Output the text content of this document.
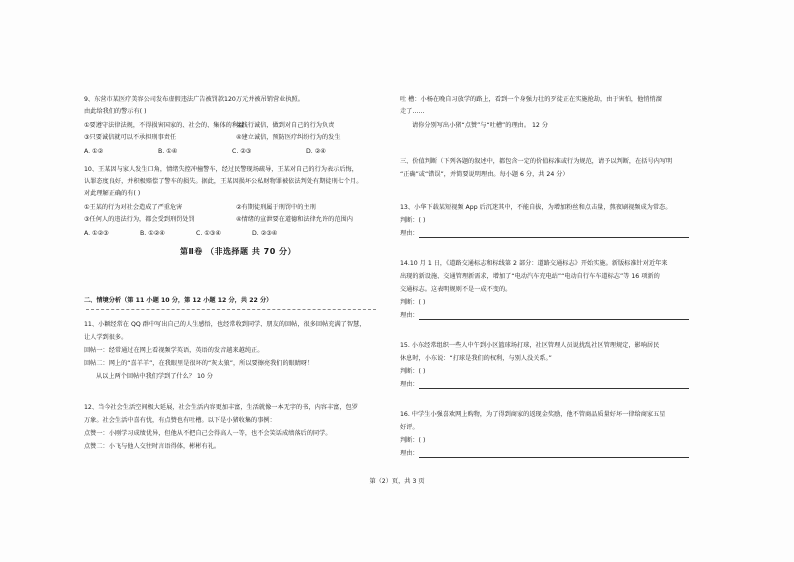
9、东营市某医疗美容公司发布虚假违法广告被罚款120万元并被吊销营业执照。
由此给我们的警示有( )
①要遵守法律法规，不得损害国家的、社会的、集体的利益
②践行诚信，做到对自己的行为负责
③只要诚信就可以不承担刑事责任	④建立诚信，预防医疗纠纷行为的发生
A. ①②	B. ①④	C. ②③	D. ②④
10、王某因与家人发生口角，情绪失控冲撞警车，经过民警现场疏导，王某对自己的行为表示后悔，
认罪态度良好，并积极赔偿了警车的损失。据此，王某因损坏公私财物罪被依法判处有期徒刑七个月。
对此理解正确的有( )
①王某的行为对社会造成了严重危害	②有期徒刑属于刑罚中的主刑
③任何人的违法行为，都会受到刑罚处罚	④情绪的宣泄要在道德和法律允许的范围内
A. ①②③	B. ①②④	C. ①③④	D. ②③④
二、情境分析（第 11 小题 10 分，第 12 小题 12 分，共 22 分）
11、小颖经常在 QQ 群中写出自己的人生感悟，也经常收到同学、朋友的回帖，很多回帖充满了智慧，
让人学到很多。
回帖一：经常通过在网上看视频学英语，英语的发音越来越纯正。
回帖二：网上的“喜羊羊”，在我眼里是很坏的“灰太狼”，所以要擦亮我们的眼睛呀！
从以上两个回帖中我们学到了什么？ 10 分
12、当今社会生活空间极大延展，社会生活内容更加丰富，生活就像一本无字的书，内容丰富，包罗
万象。社会生活中喜有忧，有点赞也有吐槽。以下是小猪收集的事例：
点赞一：小刚学习成绩优异，但他从不把自己会得高人一等，也不会笑话成绩落后的同学。
点赞二：小飞与他人交往时言语得体，彬彬有礼。
第Ⅱ卷 （非选择题 共 70 分）
吐 槽：小杨在晚自习放学的路上，看到一个身强力壮的歹徒正在实施抢劫，由于害怕，他悄悄溜
走了……
请你分别写出小猪“点赞”与“吐槽”的理由。 12 分
三、价值判断（下列各题的叙述中，都包含一定的价值标准或行为规范，请予以判断，在括号内写明
“正确”或“错误”，并简要说明理由。每小题 6 分，共 24 分）
13、小华下载某短视频 App 后沉迷其中，不能自拔，为增加粉丝和点击量，熬夜刷视频成为常态。
判断：( )
理由：
14.10 月 1 日，《道路交通标志和标线第 2 部分：道路交通标志》开始实施。新版标准针对近年来
出现的新设施、交通管理新需求，增加了“电动汽车充电站”“电动自行车车道标志”等 16 项新的
交通标志。这表明规则不是一成不变的。
判断：( )
理由：
15. 小东经常组织一些人中午到小区篮球场打球，社区管理人员说扰乱社区管理规定，影响居民
休息时，小东说：“打球是我们的权利，与别人没关系。”
判断：( )
理由：
16. 中学生小强喜欢网上购物，为了得到商家的返现金奖励，他不管商品质量好坏一律给商家五星
好评。
判断：( )
理由：
第（2）页，共 3 页
